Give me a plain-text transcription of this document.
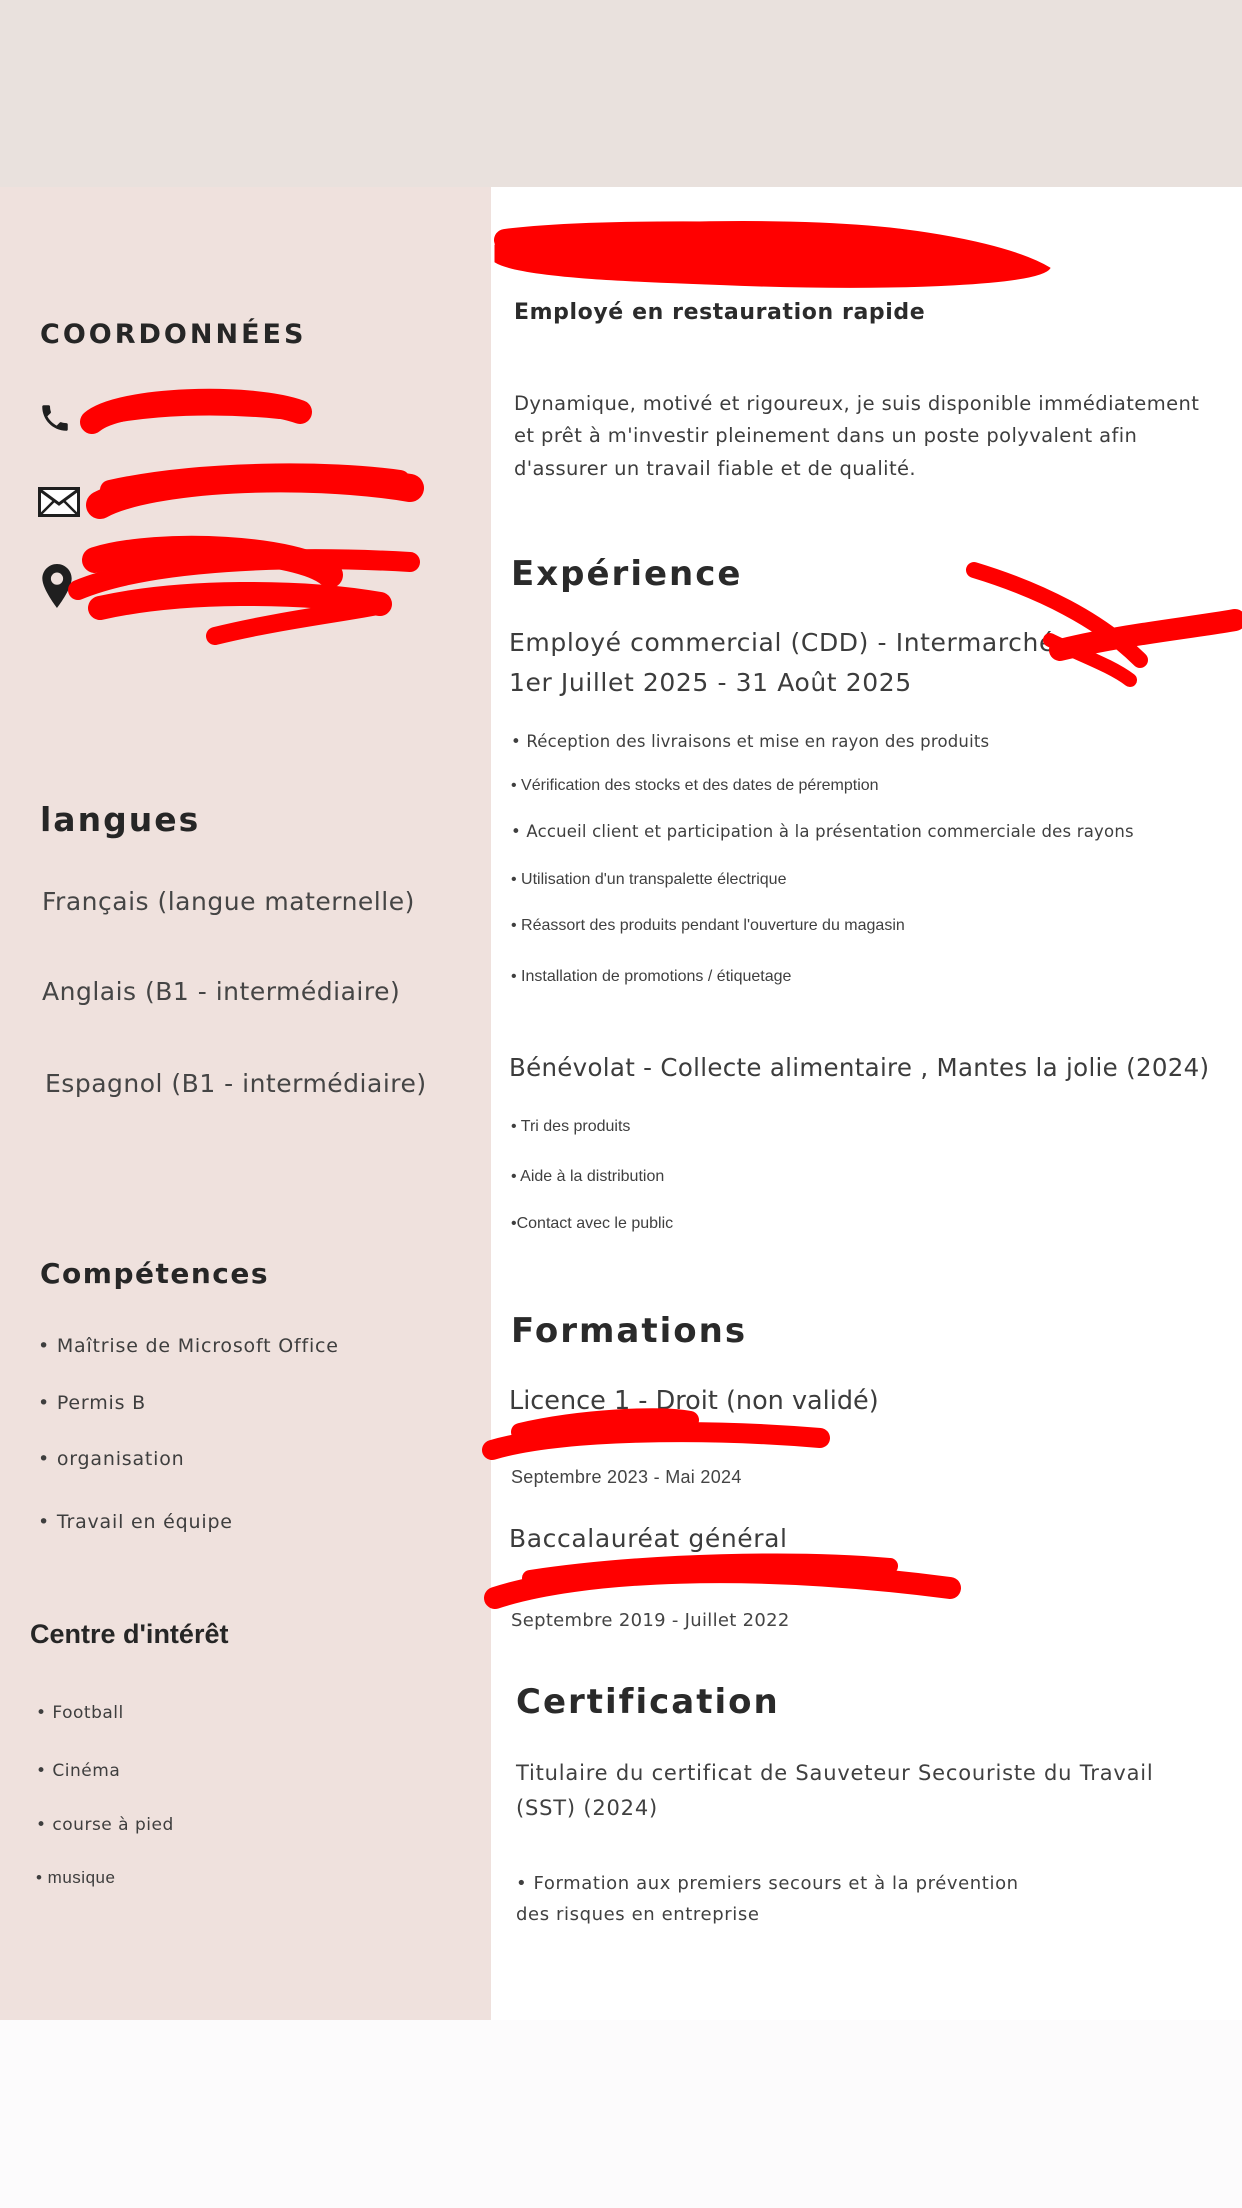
COORDONNÉES
langues
Français (langue maternelle)
Anglais (B1 - intermédiaire)
Espagnol (B1 - intermédiaire)
Compétences
• Maîtrise de Microsoft Office
• Permis B
• organisation
• Travail en équipe
Centre d'intérêt
• Football
• Cinéma
• course à pied
• musique
Employé en restauration rapide
Dynamique, motivé et rigoureux, je suis disponible immédiatement
et prêt à m'investir pleinement dans un poste polyvalent afin
d'assurer un travail fiable et de qualité.
Expérience
Employé commercial (CDD) - Intermarché,
1er Juillet 2025 - 31 Août 2025
• Réception des livraisons et mise en rayon des produits
• Vérification des stocks et des dates de péremption
• Accueil client et participation à la présentation commerciale des rayons
• Utilisation d'un transpalette électrique
• Réassort des produits pendant l'ouverture du magasin
• Installation de promotions / étiquetage
Bénévolat - Collecte alimentaire , Mantes la jolie (2024)
• Tri des produits
• Aide à la distribution
•Contact avec le public
Formations
Licence 1 - Droit (non validé)
Septembre 2023 - Mai 2024
Baccalauréat général
Septembre 2019 - Juillet 2022
Certification
Titulaire du certificat de Sauveteur Secouriste du Travail
(SST) (2024)
• Formation aux premiers secours et à la prévention
des risques en entreprise
